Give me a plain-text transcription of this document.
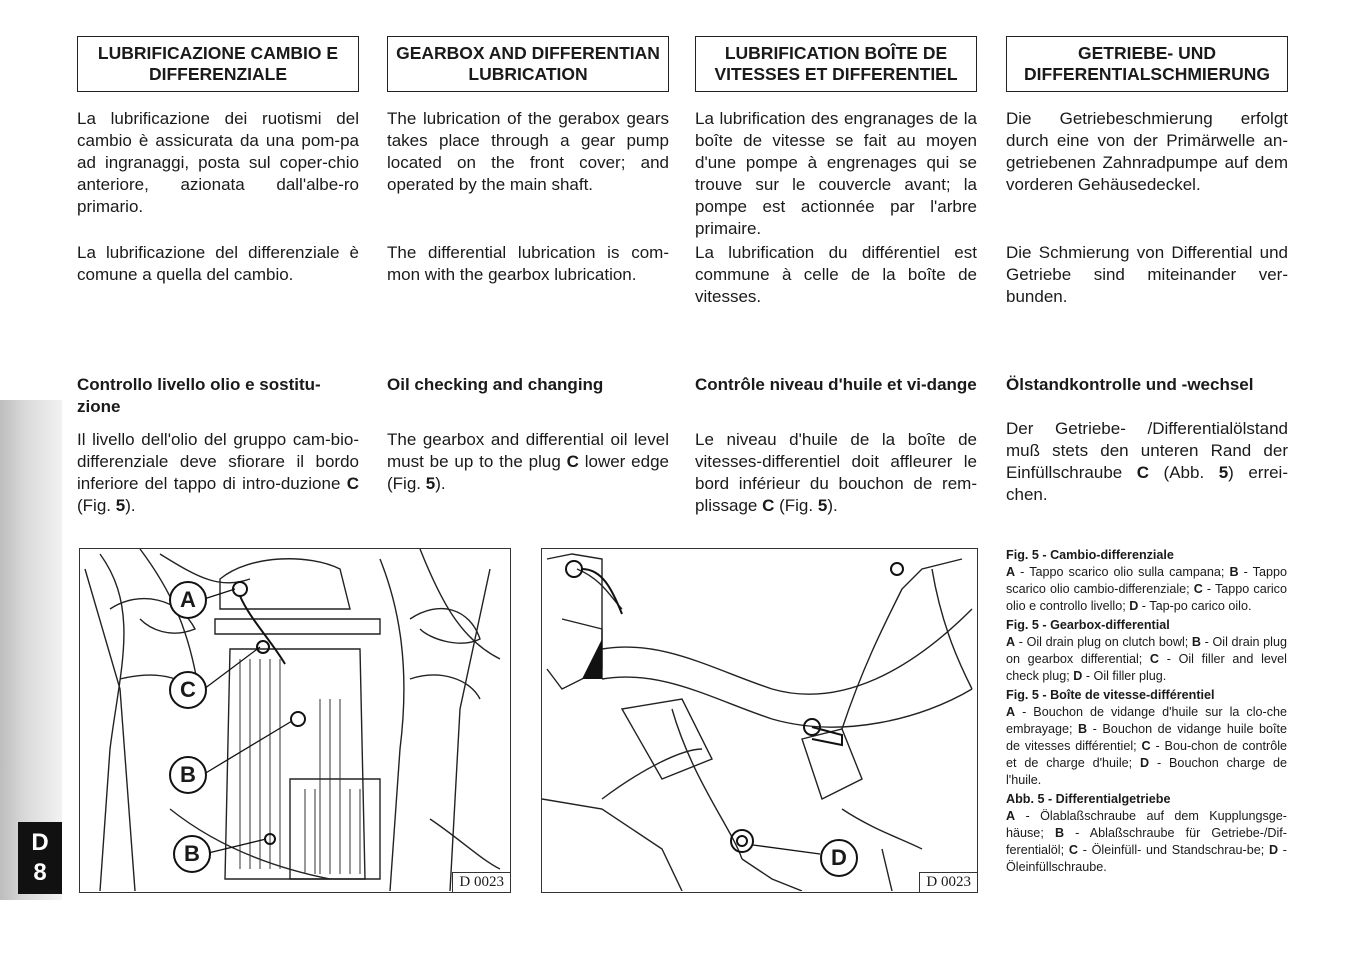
D
8
LUBRIFICAZIONE CAMBIO E DIFFERENZIALE

La lubrificazione dei ruotismi del cambio è assicurata da una pom-pa ad ingranaggi, posta sul coper-chio anteriore, azionata dall'albe-ro primario.

La lubrificazione del differenziale è comune a quella del cambio.

Controllo livello olio e sostitu-zione

Il livello dell'olio del gruppo cam-bio-differenziale deve sfiorare il bordo inferiore del tappo di intro-duzione C (Fig. 5).

GEARBOX AND DIFFERENTIAN LUBRICATION

The lubrication of the gerabox gears takes place through a gear pump located on the front cover; and operated by the main shaft.

The differential lubrication is com-mon with the gearbox lubrication.

Oil checking and changing

The gearbox and differential oil level must be up to the plug C lower edge (Fig. 5).

LUBRIFICATION BOÎTE DE VITESSES ET DIFFERENTIEL

La lubrification des engranages de la boîte de vitesse se fait au moyen d'une pompe à engrenages qui se trouve sur le couvercle avant; la pompe est actionnée par l'arbre primaire.

La lubrification du différentiel est commune à celle de la boîte de vitesses.

Contrôle niveau d'huile et vi-dange

Le niveau d'huile de la boîte de vitesses-differentiel doit affleurer le bord inférieur du bouchon de rem-plissage C (Fig. 5).

GETRIEBE- UND DIFFERENTIALSCHMIERUNG

Die Getriebeschmierung erfolgt durch eine von der Primärwelle an-getriebenen Zahnradpumpe auf dem vorderen Gehäusedeckel.

Die Schmierung von Differential und Getriebe sind miteinander ver-bunden.

Ölstandkontrolle und -wechsel

Der Getriebe- /Differentialölstand muß stets den unteren Rand der Einfüllschraube C (Abb. 5) errei-chen.

A
C
B
B
D 0023
D
D 0023

Fig. 5 - Cambio-differenziale

A - Tappo scarico olio sulla campana; B - Tappo scarico olio cambio-differenziale; C - Tappo carico olio e controllo livello; D - Tap-po carico oilo.

Fig. 5 - Gearbox-differential

A - Oil drain plug on clutch bowl; B - Oil drain plug on gearbox differential; C - Oil filler and level check plug; D - Oil filler plug.

Fig. 5 - Boîte de vitesse-différentiel

A - Bouchon de vidange d'huile sur la clo-che embrayage; B - Bouchon de vidange huile boîte de vitesses différentiel; C - Bou-chon de contrôle et de charge d'huile; D - Bouchon charge de l'huile.

Abb. 5 - Differentialgetriebe

A - Ölablaßschraube auf dem Kupplungsge-häuse; B - Ablaßschraube für Getriebe-/Dif-ferentialöl; C - Öleinfüll- und Standschrau-be; D - Öleinfüllschraube.
